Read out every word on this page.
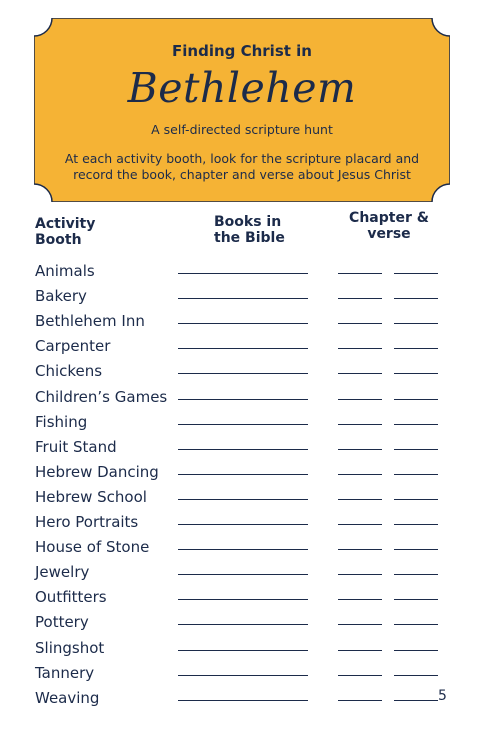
Finding Christ in
Bethlehem
A self-directed scripture hunt
At each activity booth, look for the scripture placard and record the book, chapter and verse about Jesus Christ
Activity
Booth
Books in
the Bible
Chapter &
verse
Animals
Bakery
Bethlehem Inn
Carpenter
Chickens
Children’s Games
Fishing
Fruit Stand
Hebrew Dancing
Hebrew School
Hero Portraits
House of Stone
Jewelry
Outfitters
Pottery
Slingshot
Tannery
Weaving	5
